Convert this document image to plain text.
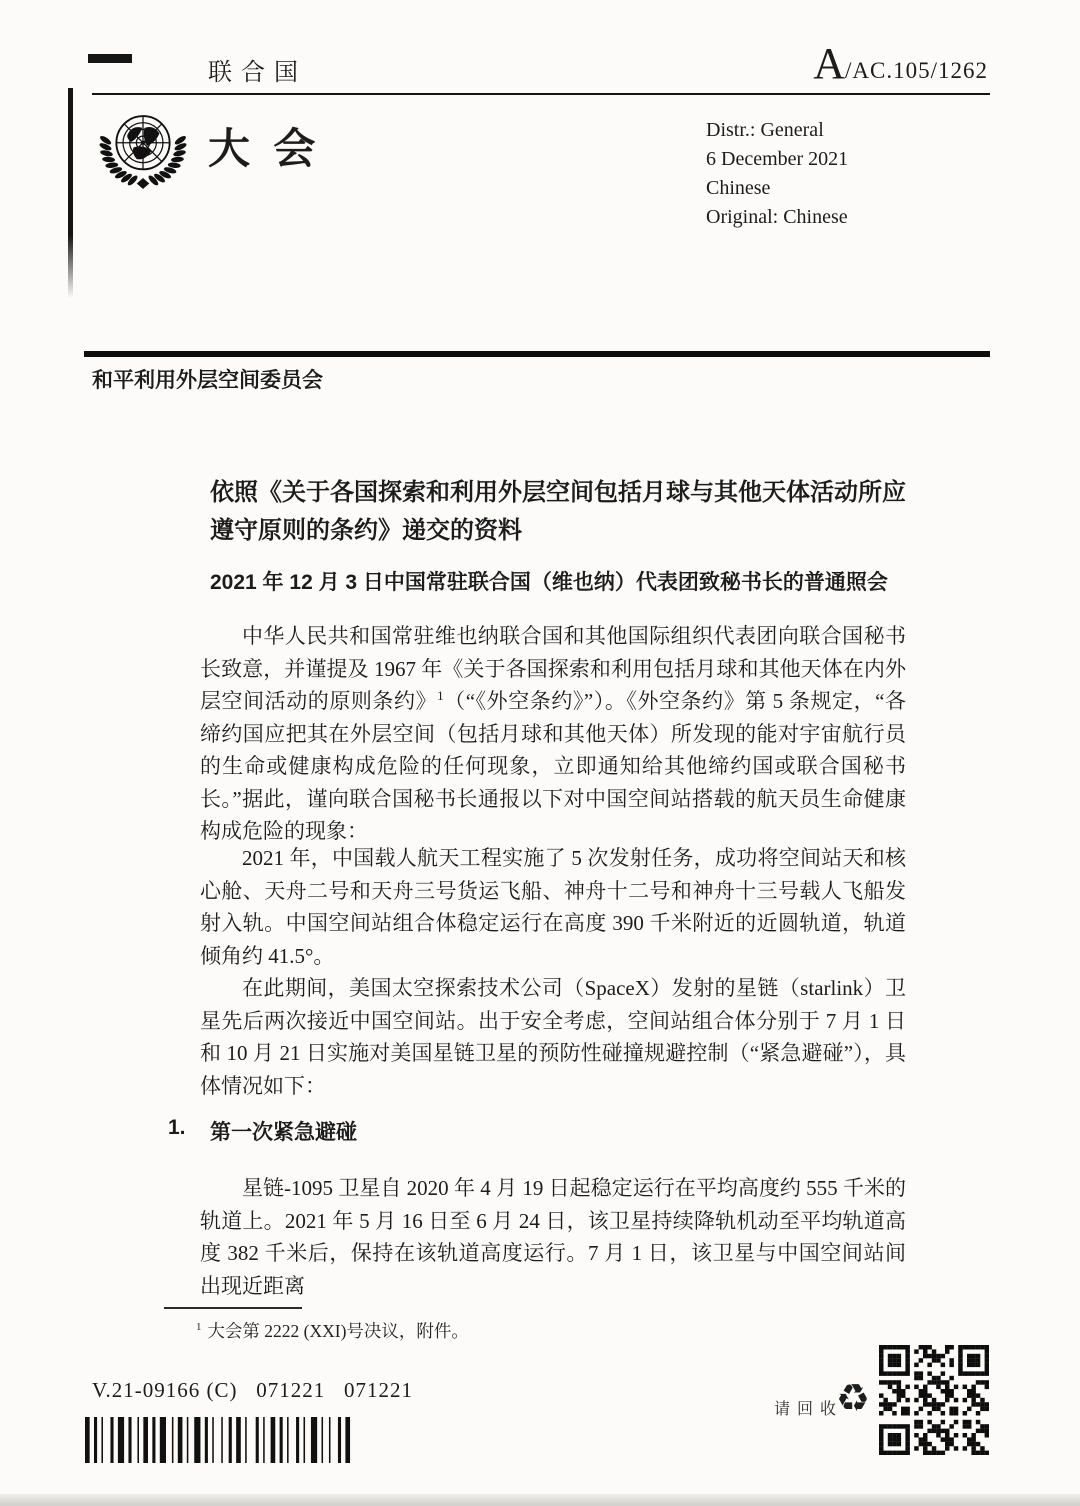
联合国	A /AC.105/1262
大  会	Distr.: General
6 December 2021
Chinese
Original: Chinese
和平利用外层空间委员会
依照《关于各国探索和利用外层空间包括月球与其他天体活动所应遵守原则的条约》递交的资料
2021 年 12 月 3 日中国常驻联合国（维也纳）代表团致秘书长的普通照会

中华人民共和国常驻维也纳联合国和其他国际组织代表团向联合国秘书长致意，并谨提及 1967 年《关于各国探索和利用包括月球和其他天体在内外层空间活动的原则条约》$^1$（“《外空条约》”）。《外空条约》第 5 条规定，“各缔约国应把其在外层空间（包括月球和其他天体）所发现的能对宇宙航行员的生命或健康构成危险的任何现象，立即通知给其他缔约国或联合国秘书长。”据此，谨向联合国秘书长通报以下对中国空间站搭载的航天员生命健康构成危险的现象：

2021 年，中国载人航天工程实施了 5 次发射任务，成功将空间站天和核心舱、天舟二号和天舟三号货运飞船、神舟十二号和神舟十三号载人飞船发射入轨。中国空间站组合体稳定运行在高度 390 千米附近的近圆轨道，轨道倾角约 41.5°。

在此期间，美国太空探索技术公司（SpaceX）发射的星链（starlink）卫星先后两次接近中国空间站。出于安全考虑，空间站组合体分别于 7 月 1 日和 10 月 21 日实施对美国星链卫星的预防性碰撞规避控制（“紧急避碰”），具体情况如下：

1.	第一次紧急避碰

星链-1095 卫星自 2020 年 4 月 19 日起稳定运行在平均高度约 555 千米的轨道上。2021 年 5 月 16 日至 6 月 24 日，该卫星持续降轨机动至平均轨道高度 382 千米后，保持在该轨道高度运行。7 月 1 日，该卫星与中国空间站间出现近距离

$^1$ 大会第 2222 (XXI)号决议，附件。
V.21-09166 (C)   071221   071221
请回收
♻
